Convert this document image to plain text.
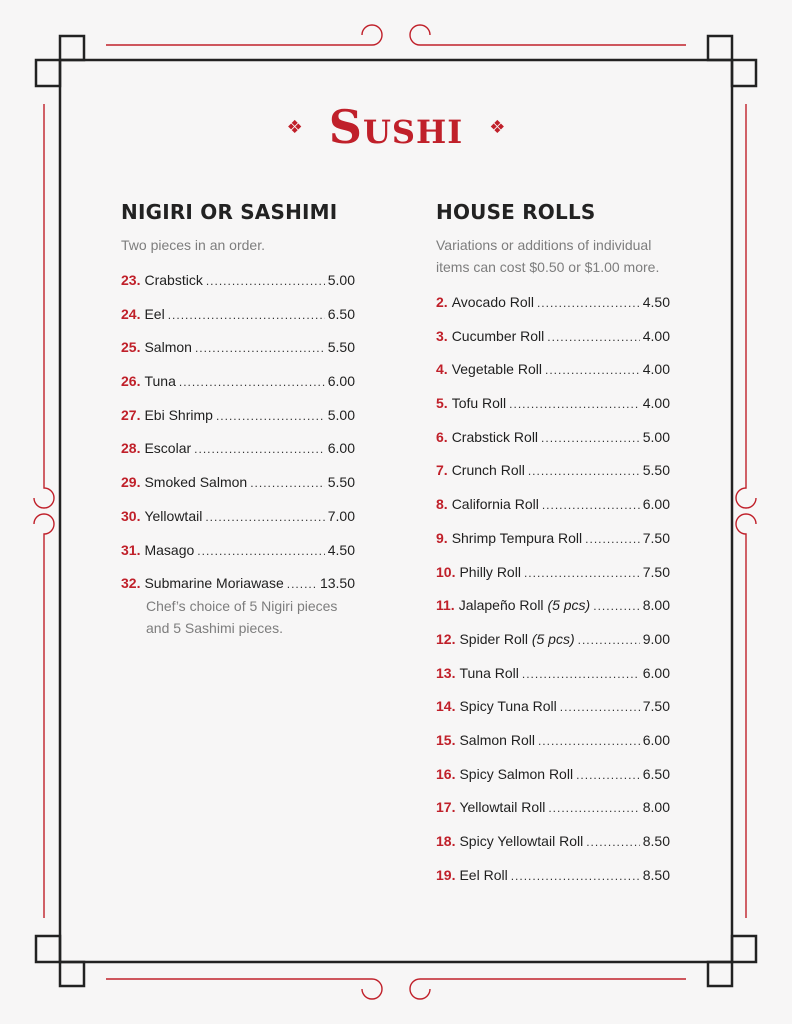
❖ Sushi ❖
NIGIRI OR SASHIMI

Two pieces in an order.

23. Crabstick .....	5.00
24. Eel .....	6.50
25. Salmon .....	5.50
26. Tuna .....	6.00
27. Ebi Shrimp .....	5.00
28. Escolar .....	6.00
29. Smoked Salmon .....	5.50
30. Yellowtail .....	7.00
31. Masago .....	4.50
32. Submarine Moriawase .....	13.50
Chef’s choice of 5 Nigiri pieces and 5 Sashimi pieces.
HOUSE ROLLS

Variations or additions of individual items can cost $0.50 or $1.00 more.

2. Avocado Roll .....	4.50
3. Cucumber Roll .....	4.00
4. Vegetable Roll .....	4.00
5. Tofu Roll .....	4.00
6. Crabstick Roll .....	5.00
7. Crunch Roll .....	5.50
8. California Roll .....	6.00
9. Shrimp Tempura Roll .....	7.50
10. Philly Roll .....	7.50
11. Jalapeño Roll (5 pcs) .....	8.00
12. Spider Roll (5 pcs) .....	9.00
13. Tuna Roll .....	6.00
14. Spicy Tuna Roll .....	7.50
15. Salmon Roll .....	6.00
16. Spicy Salmon Roll .....	6.50
17. Yellowtail Roll .....	8.00
18. Spicy Yellowtail Roll .....	8.50
19. Eel Roll .....	8.50
